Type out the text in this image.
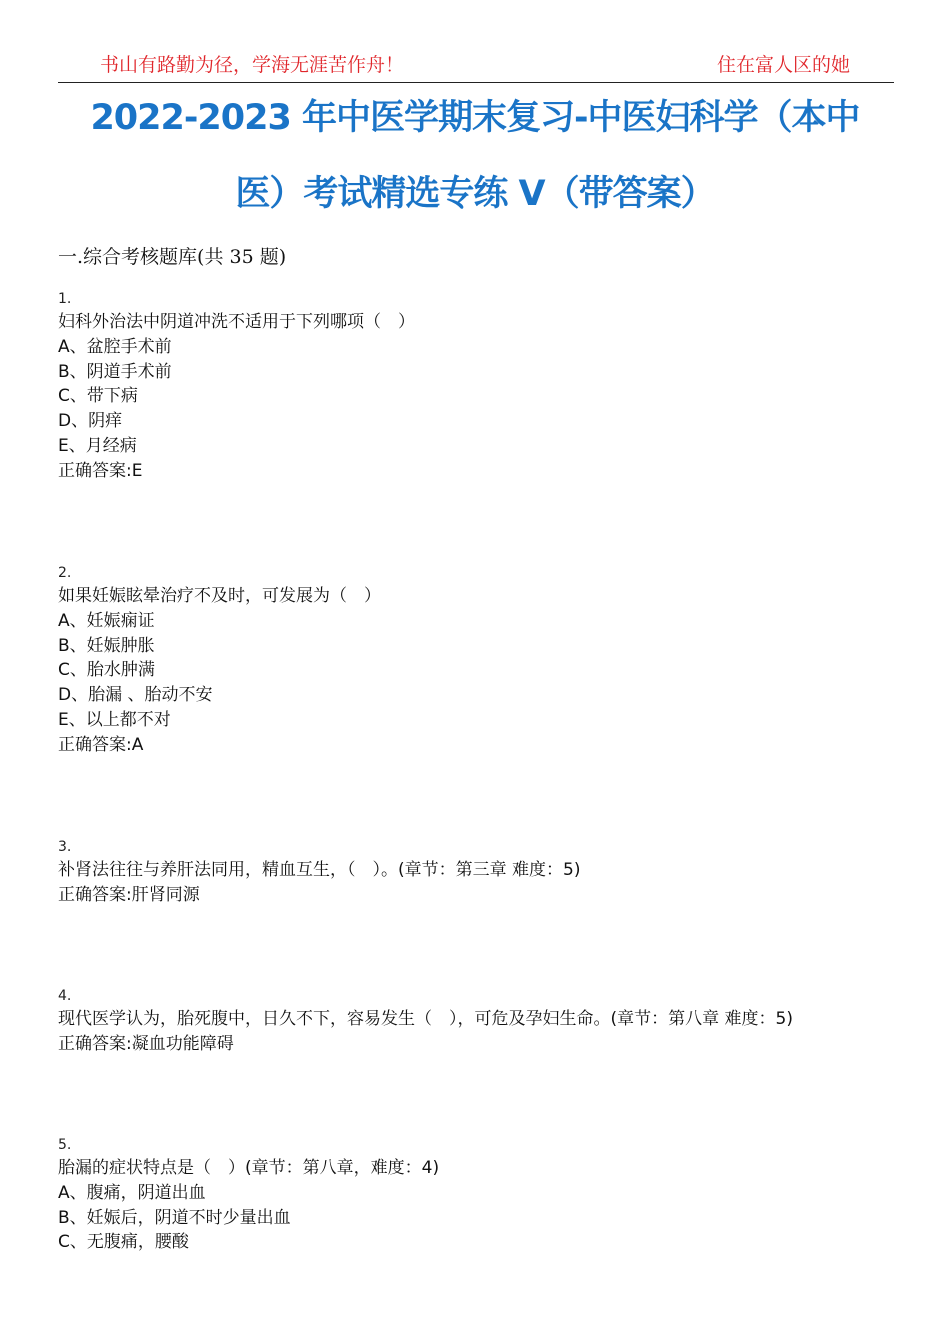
书山有路勤为径，学海无涯苦作舟！	住在富人区的她
2022-2023 年中医学期末复习-中医妇科学（本中
医）考试精选专练 V（带答案）
一.综合考核题库(共 35 题)
1.
妇科外治法中阴道冲洗不适用于下列哪项（　）
A、盆腔手术前
B、阴道手术前
C、带下病
D、阴痒
E、月经病
正确答案:E
2.
如果妊娠眩晕治疗不及时，可发展为（　）
A、妊娠痫证
B、妊娠肿胀
C、胎水肿满
D、胎漏 、胎动不安
E、以上都不对
正确答案:A
3.
补肾法往往与养肝法同用，精血互生，（　）。(章节：第三章 难度：5)
正确答案:肝肾同源
4.
现代医学认为，胎死腹中，日久不下，容易发生（　），可危及孕妇生命。(章节：第八章 难度：5)
正确答案:凝血功能障碍
5.
胎漏的症状特点是（　）(章节：第八章，难度：4)
A、腹痛，阴道出血
B、妊娠后，阴道不时少量出血
C、无腹痛，腰酸
